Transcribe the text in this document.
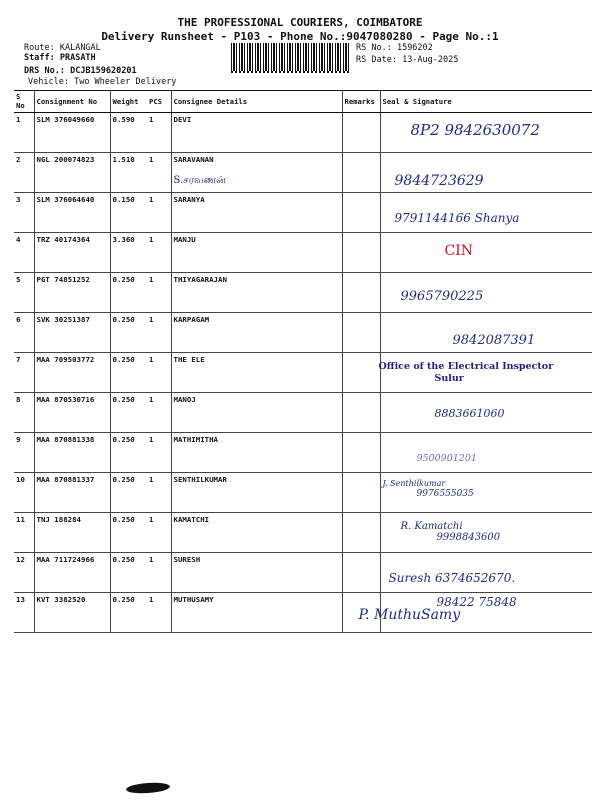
THE PROFESSIONAL COURIERS, COIMBATORE
Delivery Runsheet - P103 - Phone No.:9047080280 - Page No.:1
Route: KALANGAL
Staff: PRASATH
DRS No.: DCJB159620201
Vehicle: Two Wheeler Delivery
RS No.: 1596202
RS Date: 13-Aug-2025
S No	Consignment No	Weight	PCS	Consignee Details	Remarks	Seal & Signature
1	SLM 376049660	0.590	1	DEVI		8P2 9842630072

2	NGL 200074823	1.510	1	SARAVANAN
S.சரவணன்		9844723629

3	SLM 376064640	0.150	1	SARANYA		9791144166 Shanya

4	TRZ 40174364	3.360	1	MANJU		CIN

5	PGT 74851252	0.250	1	THIYAGARAJAN		9965790225

6	SVK 30251387	0.250	1	KARPAGAM		9842087391

7	MAA 709503772	0.250	1	THE ELE		Office of the Electrical Inspector
Sulur

8	MAA 870530716	0.250	1	MANOJ		8883661060

9	MAA 870881338	0.250	1	MATHIMITHA		9500901201

10	MAA 870881337	0.250	1	SENTHILKUMAR		J. Senthilkumar
9976555035

11	TNJ 188284	0.250	1	KAMATCHI		R. Kamatchi
9998843600

12	MAA 711724966	0.250	1	SURESH		Suresh 6374652670.

13	KVT 3382520	0.250	1	MUTHUSAMY		98422 75848
P. MuthuSamy
